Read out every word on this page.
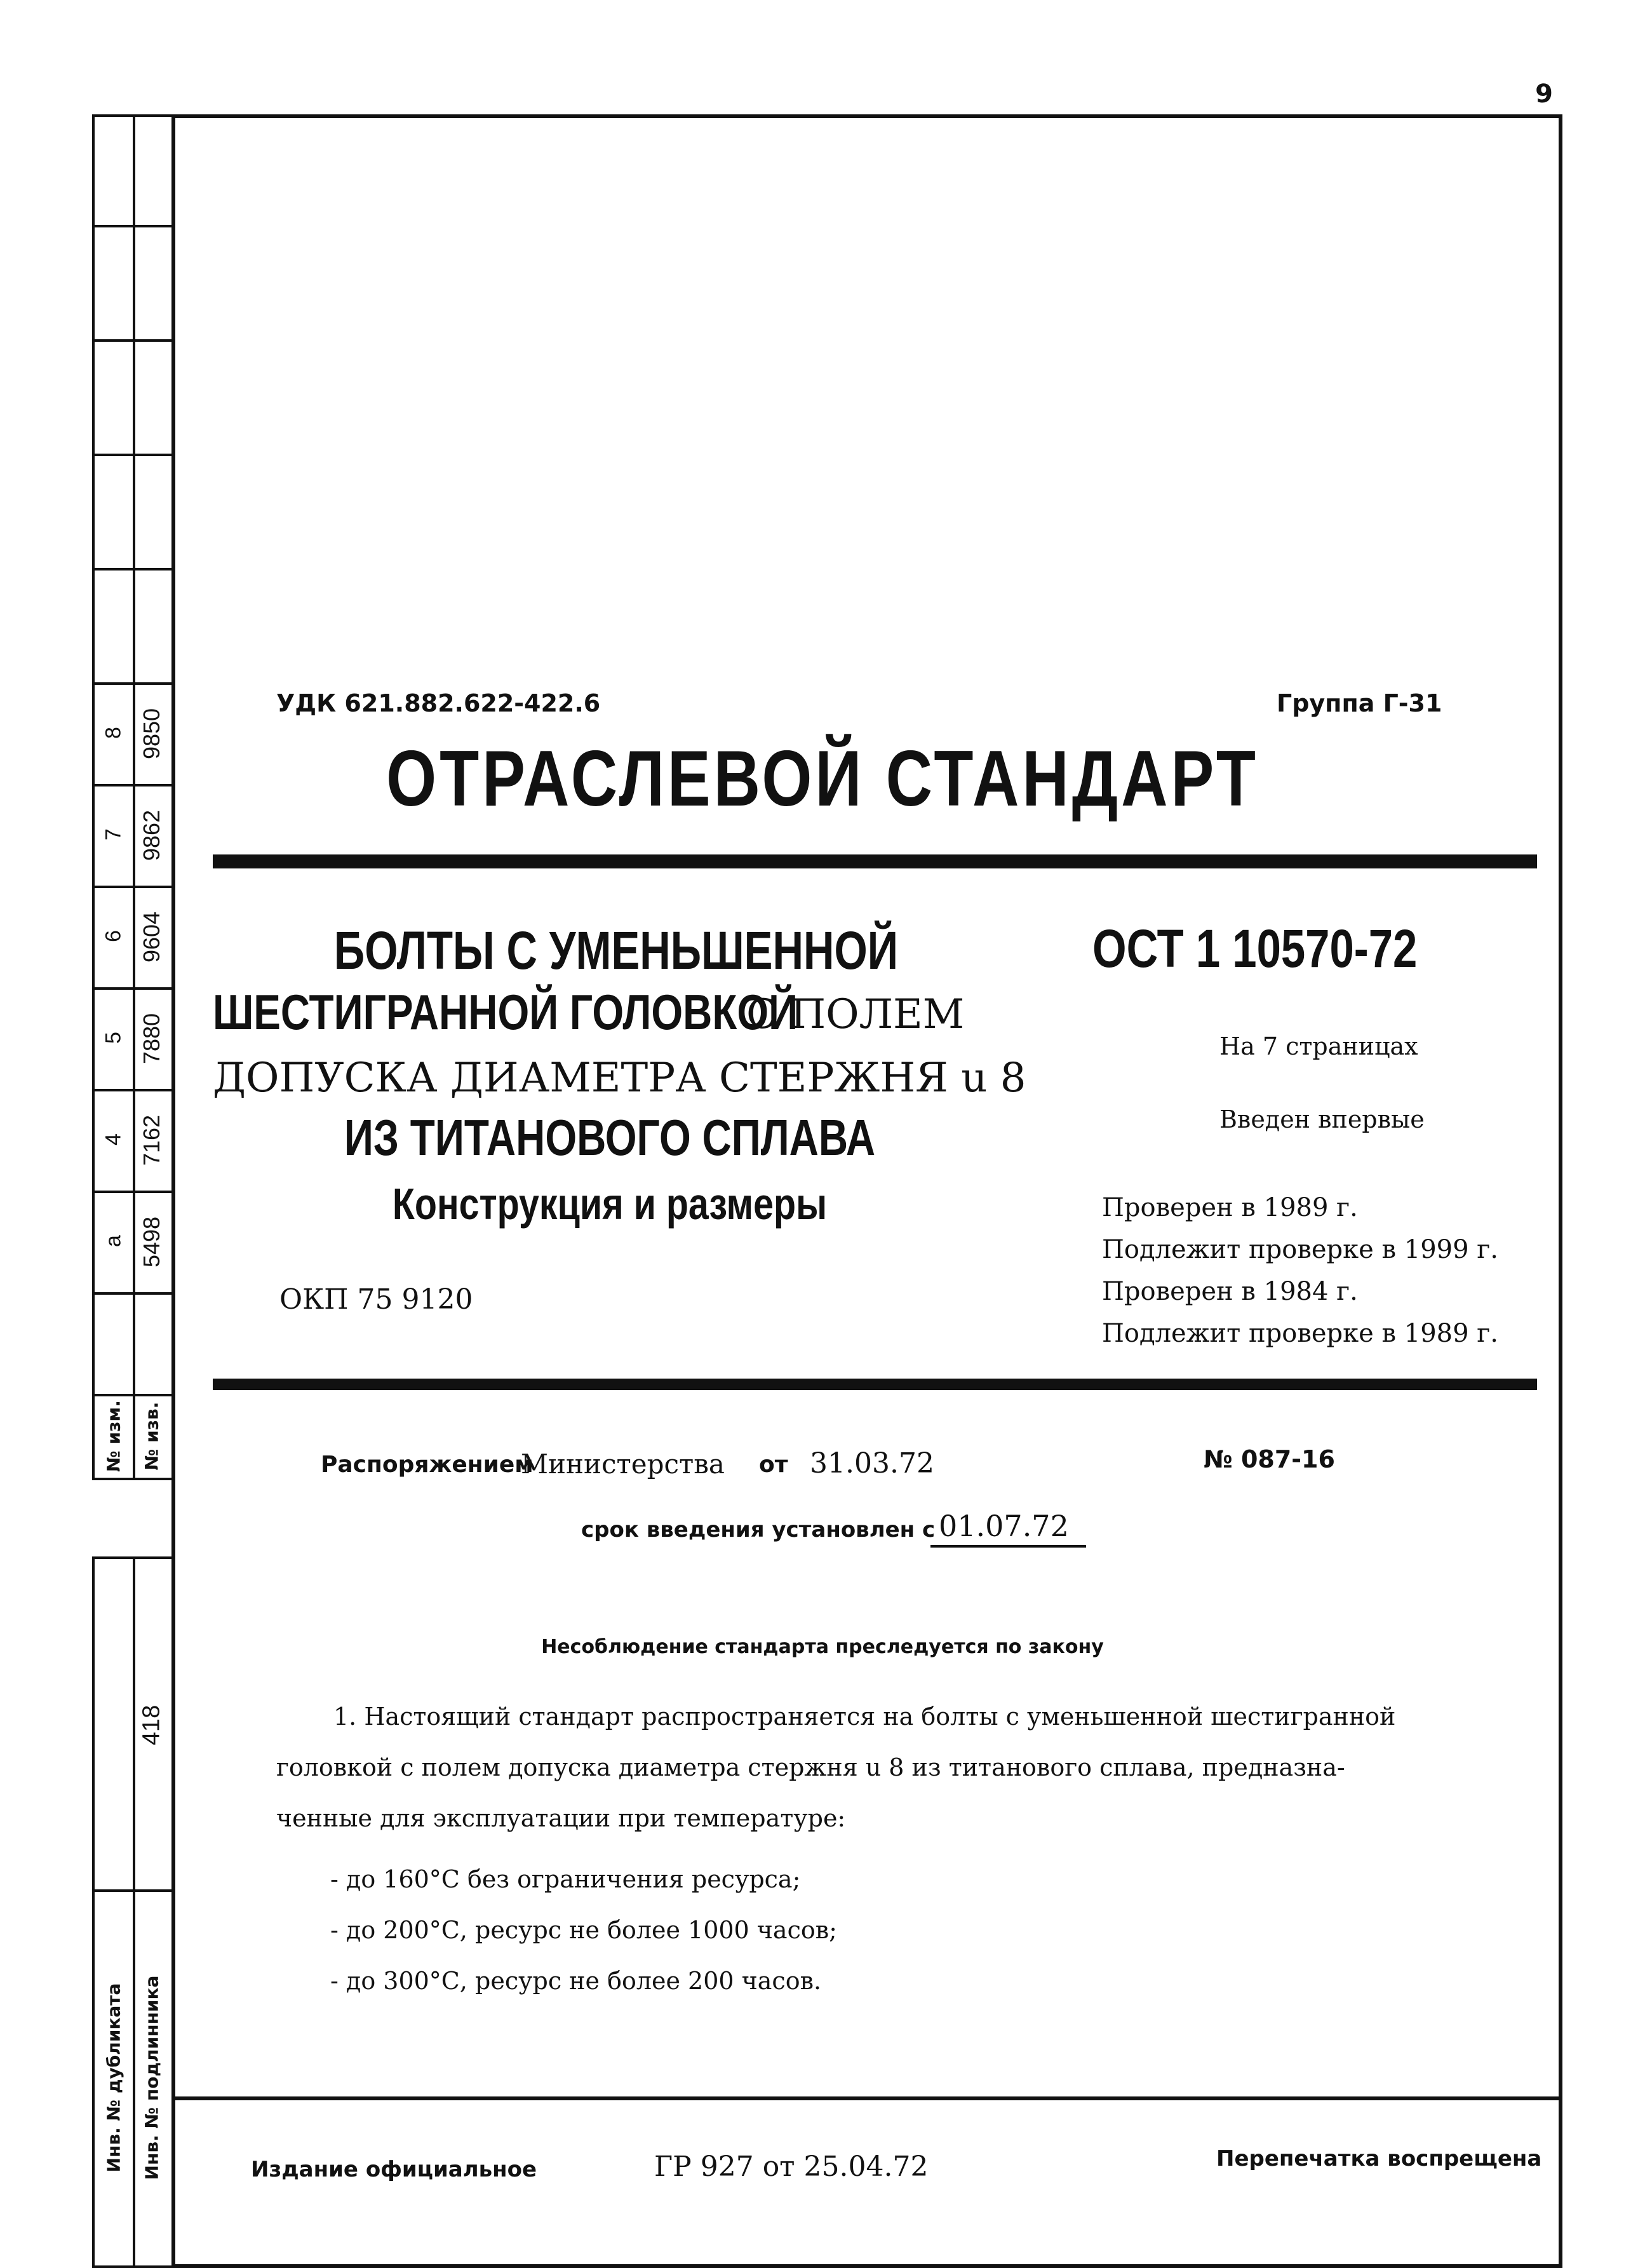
9
8 9850
7 9862
6 9604
5 7880
4 7162
a 5498
№ изм. № изв.
418
Инв. № дубликата Инв. № подлинника
УДК 621.882.622-422.6	Группа Г-31
ОТРАСЛЕВОЙ СТАНДАРТ
БОЛТЫ С УМЕНЬШЕННОЙ
ШЕСТИГРАННОЙ ГОЛОВКОЙ
С ПОЛЕМ
ДОПУСКА ДИАМЕТРА СТЕРЖНЯ u 8
ИЗ ТИТАНОВОГО СПЛАВА
Конструкция и размеры
ОКП 75 9120
ОСТ 1 10570-72
На 7 страницах
Введен впервые
Проверен в 1989 г.
Подлежит проверке в 1999 г.
Проверен в 1984 г.
Подлежит проверке в 1989 г.
Распоряжением
Министерства от 31.03.72	№ 087-16
срок введения установлен с 01.07.72
Несоблюдение стандарта преследуется по закону
1. Настоящий стандарт распространяется на болты с уменьшенной шестигранной
головкой с полем допуска диаметра стержня u 8 из титанового сплава, предназна-
ченные для эксплуатации при температуре:
- до 160°С без ограничения ресурса;
- до 200°С, ресурс не более 1000 часов;
- до 300°С, ресурс не более 200 часов.
Издание официальное	ГР 927 от 25.04.72	Перепечатка воспрещена
